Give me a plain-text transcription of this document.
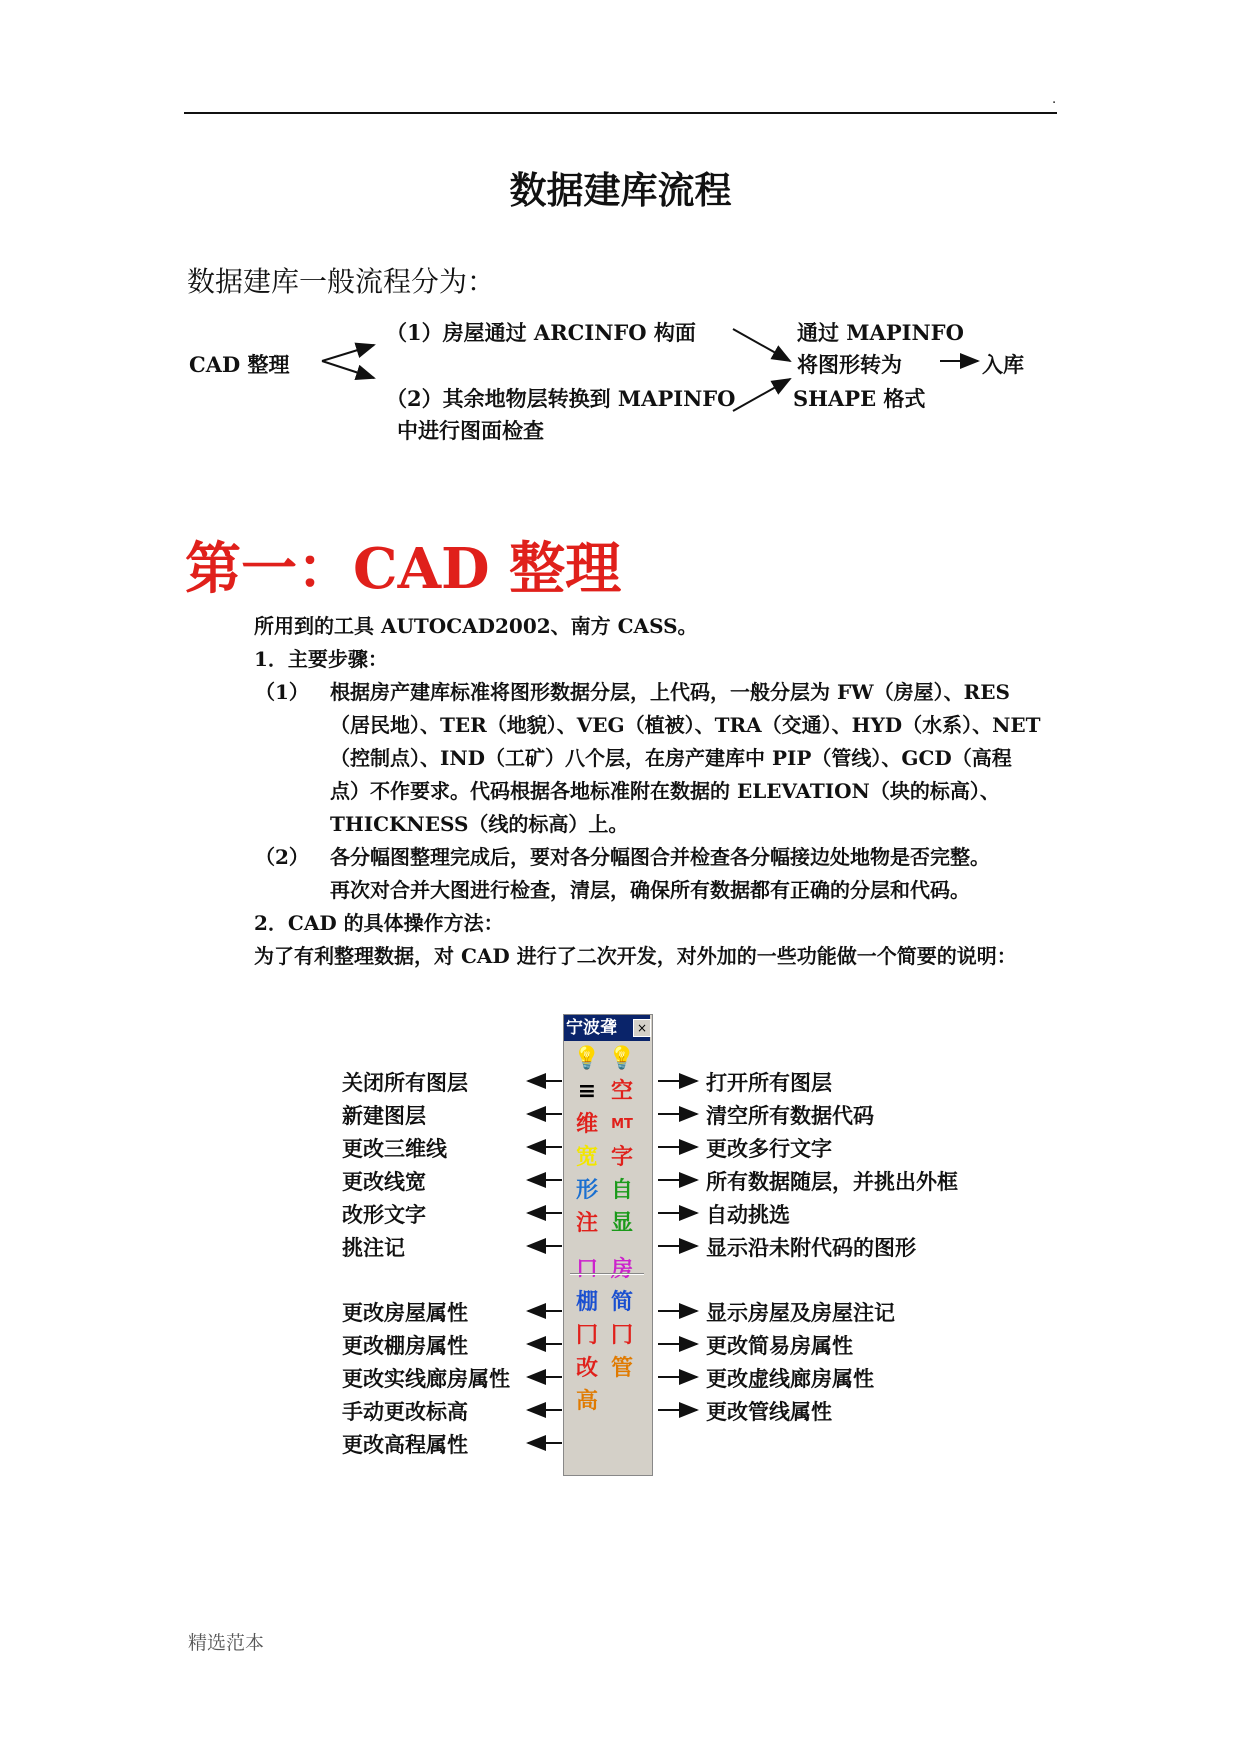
.
数据建库流程
数据建库一般流程分为：
CAD 整理
（1）房屋通过 ARCINFO 构面
（2）其余地物层转换到 MAPINFO
中进行图面检查
通过 MAPINFO
将图形转为
SHAPE 格式
入库
第一：CAD 整理
所用到的工具 AUTOCAD2002、南方 CASS。
1．主要步骤：
（1） 根据房产建库标准将图形数据分层，上代码，一般分层为 FW（房屋）、RES
（居民地）、TER（地貌）、VEG（植被）、TRA（交通）、HYD（水系）、NET
（控制点）、IND（工矿）八个层，在房产建库中 PIP（管线）、GCD（高程
点）不作要求。代码根据各地标准附在数据的 ELEVATION（块的标高）、
THICKNESS（线的标高）上。
（2） 各分幅图整理完成后，要对各分幅图合并检查各分幅接边处地物是否完整。
再次对合并大图进行检查，清层，确保所有数据都有正确的分层和代码。
2．CAD 的具体操作方法：
为了有利整理数据，对 CAD 进行了二次开发，对外加的一些功能做一个简要的说明：
宁波聋	×
💡 💡
≡ 空
维	MT
宽 字
形 自
注 显
口 房
棚 简
冂 冂
改 管
高
关闭所有图层
新建图层
更改三维线
更改线宽
改形文字
挑注记
更改房屋属性
更改棚房属性
更改实线廊房属性
手动更改标高
更改高程属性
打开所有图层
清空所有数据代码
更改多行文字
所有数据随层，并挑出外框
自动挑选
显示沿未附代码的图形
显示房屋及房屋注记
更改简易房属性
更改虚线廊房属性
更改管线属性
精选范本
